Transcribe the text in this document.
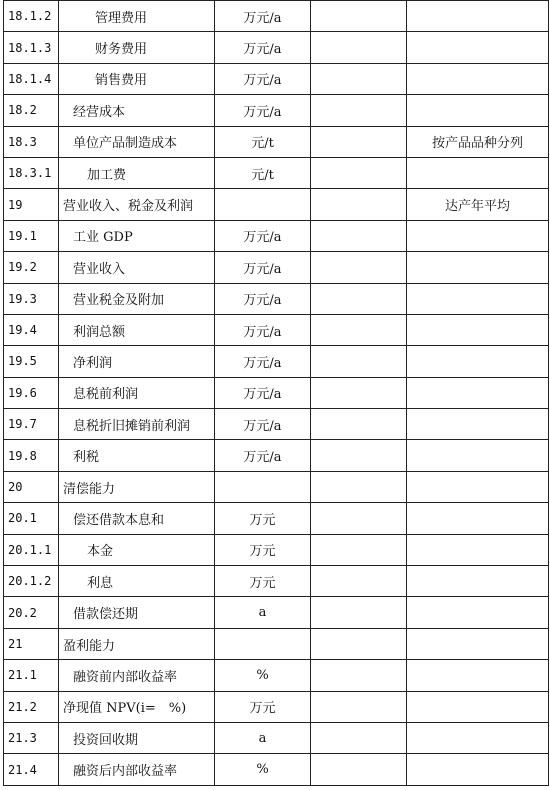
18.1.2	管理费用	万元/a		
18.1.3	财务费用	万元/a		
18.1.4	销售费用	万元/a		
18.2	经营成本	万元/a		
18.3	单位产品制造成本	元/t		按产品品种分列
18.3.1	加工费	元/t		
19	营业收入、税金及利润			达产年平均
19.1	工业 GDP	万元/a		
19.2	营业收入	万元/a		
19.3	营业税金及附加	万元/a		
19.4	利润总额	万元/a		
19.5	净利润	万元/a		
19.6	息税前利润	万元/a		
19.7	息税折旧摊销前利润	万元/a		
19.8	利税	万元/a		
20	清偿能力			
20.1	偿还借款本息和	万元		
20.1.1	本金	万元		
20.1.2	利息	万元		
20.2	借款偿还期	a		
21	盈利能力			
21.1	融资前内部收益率	%		
21.2	净现值 NPV(i=　%)	万元		
21.3	投资回收期	a		
21.4	融资后内部收益率	%		
